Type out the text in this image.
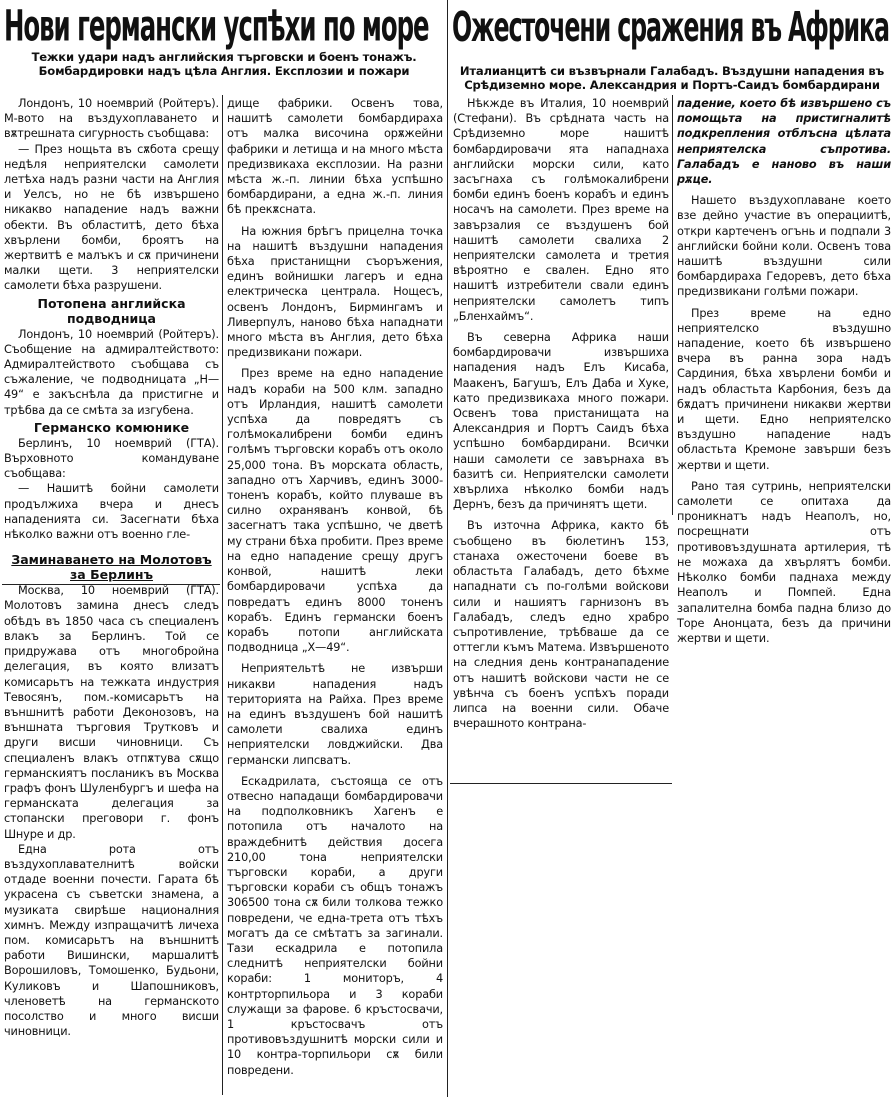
Нови германски успѣхи по море Ожесточени сражения въ Африка
Тежки удари надъ английския търговски и боенъ тонажъ. Бомбардировки надъ цѣла Англия. Експлозии и пожари	Италианцитѣ си възвърнали Галабадъ. Въздушни нападения въ Срѣдиземно море. Александрия и Портъ-Саидъ бомбардирани

Лондонъ, 10 ноемврий (Ройтеръ). М-вото на въздухоплаването и вѫтрешната сигурность съобщава:

— През нощьта въ сѫбота срещу недѣля неприятелски самолети летѣха надъ разни части на Англия и Уелсъ, но не бѣ извършено никакво нападение надъ важни обекти. Въ областитѣ, дето бѣха хвърлени бомби, броятъ на жертвитѣ е малъкъ и сѫ причинени малки щети. 3 неприятелски самолети бѣха разрушени.

Потопена английска подводница

Лондонъ, 10 ноемврий (Ройтеръ). Съобщение на адмиралтейството: Адмиралтейството съобщава съ съжаление, че подводницата „Н—49“ е закъснѣла да пристигне и трѣбва да се смѣта за изгубена.

Германско комюнике

Берлинъ, 10 ноемврий (ГТА). Върховното командуване съобщава:

— Нашитѣ бойни самолети продължиха вчера и днесъ нападенията си. Засегнати бѣха нѣколко важни отъ военно гле-

Заминаването на Молотовъ за Берлинъ

Москва, 10 ноемврий (ГТА). Молотовъ замина днесъ следъ обѣдъ въ 1850 часа съ специаленъ влакъ за Берлинъ. Той се придружава отъ многобройна делегация, въ която влизатъ комисарьтъ на тежката индустрия Тевосянъ, пом.-комисарьтъ на външнитѣ работи Деконозовъ, на външната търговия Трутковъ и други висши чиновници. Съ специаленъ влакъ отпѫтува сѫщо германскиятъ посланикъ въ Москва графъ фонъ Шуленбургъ и шефа на германската делегация за стопански преговори г. фонъ Шнуре и др.

Една рота отъ въздухоплавателнитѣ войски отдаде военни почести. Гарата бѣ украсена съ съветски знамена, а музиката свирѣше националния химнъ. Между изпращачитѣ личеха пом. комисарьтъ на външнитѣ работи Вишински, маршалитѣ Ворошиловъ, Томошенко, Будьони, Куликовъ и Шапошниковъ, членоветѣ на германското посолство и много висши чиновници.

дище фабрики. Освенъ това, нашитѣ самолети бомбардираха отъ малка височина орѫжейни фабрики и летища и на много мѣста предизвикаха експлозии. На разни мѣста ж.-п. линии бѣха успѣшно бомбардирани, а една ж.-п. линия бѣ прекѫсната.

На южния брѣгъ прицелна точка на нашитѣ въздушни нападения бѣха пристанищни съоръжения, единъ войнишки лагеръ и една електрическа централа. Нощесъ, освенъ Лондонъ, Бирмингамъ и Ливерпулъ, наново бѣха нападнати много мѣста въ Англия, дето бѣха предизвикани пожари.

През време на едно нападение надъ кораби на 500 клм. западно отъ Ирландия, нашитѣ самолети успѣха да повредятъ съ голѣмокалибрени бомби единъ голѣмъ търговски корабъ отъ около 25,000 тона. Въ морската область, западно отъ Харчивъ, единъ 3000-тоненъ корабъ, който плуваше въ силно охраняванъ конвой, бѣ засегнатъ така успѣшно, че дветѣ му страни бѣха пробити. През време на едно нападение срещу другъ конвой, нашитѣ леки бомбардировачи успѣха да повредатъ единъ 8000 тоненъ корабъ. Единъ германски боенъ корабъ потопи английската подводница „Х—49“.

Неприятельтѣ не извърши никакви нападения надъ територията на Райха. През време на единъ въздушенъ бой нашитѣ самолети свалиха единъ неприятелски ловджийски. Два германски липсватъ.

Ескадрилата, състояща се отъ отвесно нападащи бомбардировачи на подполковникъ Хагенъ е потопила отъ началото на враждебнитѣ действия досега 210,00 тона неприятелски търговски кораби, а други търговски кораби съ общъ тонажъ 306500 тона сѫ били толкова тежко повредени, че една-трета отъ тѣхъ могатъ да се смѣтатъ за загинали. Тази ескадрила е потопила следнитѣ неприятелски бойни кораби: 1 мониторъ, 4 контрторпильора и 3 кораби служащи за фарове. 6 кръстосвачи, 1 кръстосвачъ отъ противовъздушнитѣ морски сили и 10 контра-торпильори сѫ били повредени.

Нѣкжде въ Италия, 10 ноемврий (Стефани). Въ срѣдната часть на Срѣдиземно море нашитѣ бомбардировачи ята нападнаха английски морски сили, като засъгнаха съ голѣмокалибрени бомби единъ боенъ корабъ и единъ носачъ на самолети. През време на завързалия се въздушенъ бой нашитѣ самолети свалиха 2 неприятелски самолета и третия вѣроятно е свален. Едно ято нашитѣ изтребители свали единъ неприятелски самолетъ типъ „Бленхаймъ“.

Въ северна Африка наши бомбардировачи извършиха нападения надъ Елъ Кисаба, Маакенъ, Багушъ, Елъ Даба и Хуке, като предизвикаха много пожари. Освенъ това пристанищата на Александрия и Портъ Саидъ бѣха успѣшно бомбардирани. Всички наши самолети се завърнаха въ базитѣ си. Неприятелски самолети хвърлиха нѣколко бомби надъ Дернъ, безъ да причинятъ щети.

Въ източна Африка, както бѣ съобщено въ бюлетинъ 153, станаха ожесточени боеве въ областьта Галабадъ, дето бѣхме нападнати съ по-голѣми войскови сили и нашиятъ гарнизонъ въ Галабадъ, следъ едно храбро съпротивление, трѣбваше да се оттегли къмъ Матема. Извършеното на следния день контранападение отъ нашитѣ войскови части не се увѣнча съ боенъ успѣхъ поради липса на военни сили. Обаче вчерашното контрана-

падение, което бѣ извършено съ помощьта на пристигналитѣ подкрепления отблъсна цѣлата неприятелска съпротива. Галабадъ е наново въ наши рѫце.

Нашето въздухоплаване което взе дейно участие въ операциитѣ, откри картеченъ огънь и подпали 3 английски бойни коли. Освенъ това нашитѣ въздушни сили бомбардираха Гедоревъ, дето бѣха предизвикани голѣми пожари.

През време на едно неприятелско въздушно нападение, което бѣ извършено вчера въ ранна зора надъ Сардиния, бѣха хвърлени бомби и надъ областьта Карбония, безъ да бѫдатъ причинени никакви жертви и щети. Едно неприятелско въздушно нападение надъ областьта Кремоне завърши безъ жертви и щети.

Рано тая сутринь, неприятелски самолети се опитаха да проникнатъ надъ Неаполъ, но, посрещнати отъ противовъздушната артилерия, тѣ не можаха да хвърлятъ бомби. Нѣколко бомби паднаха между Неаполъ и Помпей. Една запалителна бомба падна близо до Торе Анонцата, безъ да причини жертви и щети.
